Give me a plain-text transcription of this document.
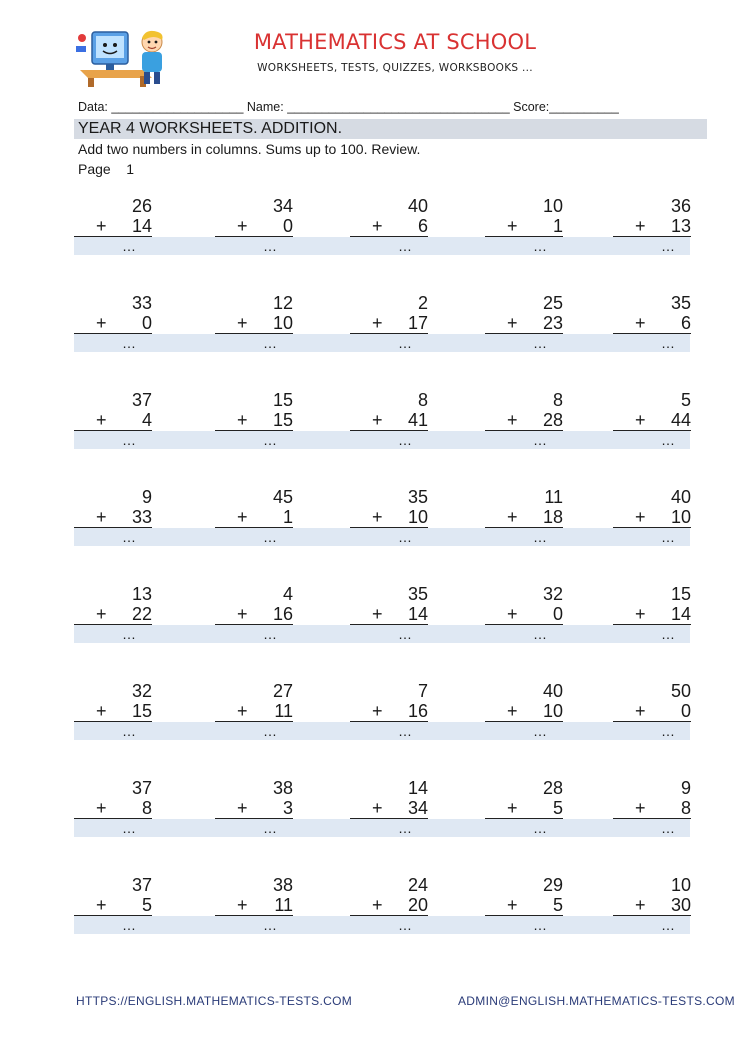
MATHEMATICS AT SCHOOL
WORKSHEETS, TESTS, QUIZZES, WORKSBOOKS ...
Data: ___________________ Name: ________________________________ Score:__________
YEAR 4 WORKSHEETS. ADDITION.
Add two numbers in columns. Sums up to 100. Review.
Page    1
26
+ 14
…
34
+ 0
…
40
+ 6
…
10
+ 1
…
36
+ 13
…
33
+ 0
…
12
+ 10
…
2
+ 17
…
25
+ 23
…
35
+ 6
…
37
+ 4
…
15
+ 15
…
8
+ 41
…
8
+ 28
…
5
+ 44
…
9
+ 33
…
45
+ 1
…
35
+ 10
…
11
+ 18
…
40
+ 10
…
13
+ 22
…
4
+ 16
…
35
+ 14
…
32
+ 0
…
15
+ 14
…
32
+ 15
…
27
+ 11
…
7
+ 16
…
40
+ 10
…
50
+ 0
…
37
+ 8
…
38
+ 3
…
14
+ 34
…
28
+ 5
…
9
+ 8
…
37
+ 5
…
38
+ 11
…
24
+ 20
…
29
+ 5
…
10
+ 30
…
HTTPS://ENGLISH.MATHEMATICS-TESTS.COM	ADMIN@ENGLISH.MATHEMATICS-TESTS.COM
